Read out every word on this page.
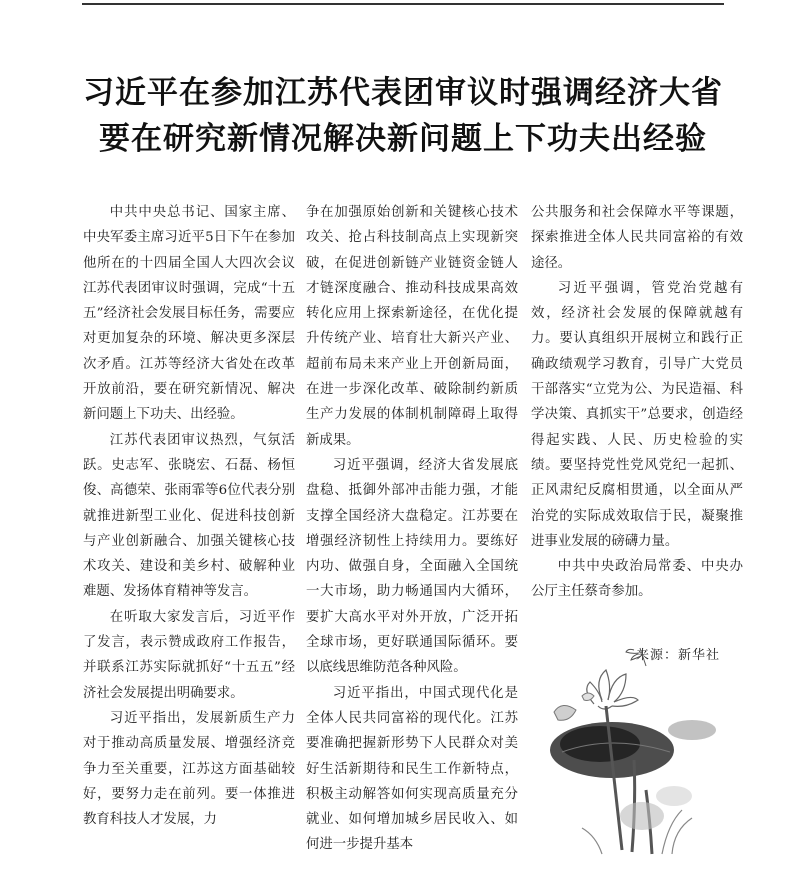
习近平在参加江苏代表团审议时强调经济大省
要在研究新情况解决新问题上下功夫出经验

中共中央总书记、国家主席、中央军委主席习近平5日下午在参加他所在的十四届全国人大四次会议江苏代表团审议时强调，完成“十五五”经济社会发展目标任务，需要应对更加复杂的环境、解决更多深层次矛盾。江苏等经济大省处在改革开放前沿，要在研究新情况、解决新问题上下功夫、出经验。

江苏代表团审议热烈，气氛活跃。史志军、张晓宏、石磊、杨恒俊、高德荣、张雨霏等6位代表分别就推进新型工业化、促进科技创新与产业创新融合、加强关键核心技术攻关、建设和美乡村、破解种业难题、发扬体育精神等发言。

在听取大家发言后，习近平作了发言，表示赞成政府工作报告，并联系江苏实际就抓好“十五五”经济社会发展提出明确要求。

习近平指出，发展新质生产力对于推动高质量发展、增强经济竞争力至关重要，江苏这方面基础较好，要努力走在前列。要一体推进教育科技人才发展，力

争在加强原始创新和关键核心技术攻关、抢占科技制高点上实现新突破，在促进创新链产业链资金链人才链深度融合、推动科技成果高效转化应用上探索新途径，在优化提升传统产业、培育壮大新兴产业、超前布局未来产业上开创新局面，在进一步深化改革、破除制约新质生产力发展的体制机制障碍上取得新成果。

习近平强调，经济大省发展底盘稳、抵御外部冲击能力强，才能支撑全国经济大盘稳定。江苏要在增强经济韧性上持续用力。要练好内功、做强自身，全面融入全国统一大市场，助力畅通国内大循环，要扩大高水平对外开放，广泛开拓全球市场，更好联通国际循环。要以底线思维防范各种风险。

习近平指出，中国式现代化是全体人民共同富裕的现代化。江苏要准确把握新形势下人民群众对美好生活新期待和民生工作新特点，积极主动解答如何实现高质量充分就业、如何增加城乡居民收入、如何进一步提升基本

公共服务和社会保障水平等课题，探索推进全体人民共同富裕的有效途径。

习近平强调，管党治党越有效，经济社会发展的保障就越有力。要认真组织开展树立和践行正确政绩观学习教育，引导广大党员干部落实“立党为公、为民造福、科学决策、真抓实干”总要求，创造经得起实践、人民、历史检验的实绩。要坚持党性党风党纪一起抓、正风肃纪反腐相贯通，以全面从严治党的实际成效取信于民，凝聚推进事业发展的磅礴力量。

中共中央政治局常委、中央办公厅主任蔡奇参加。

来源：新华社
